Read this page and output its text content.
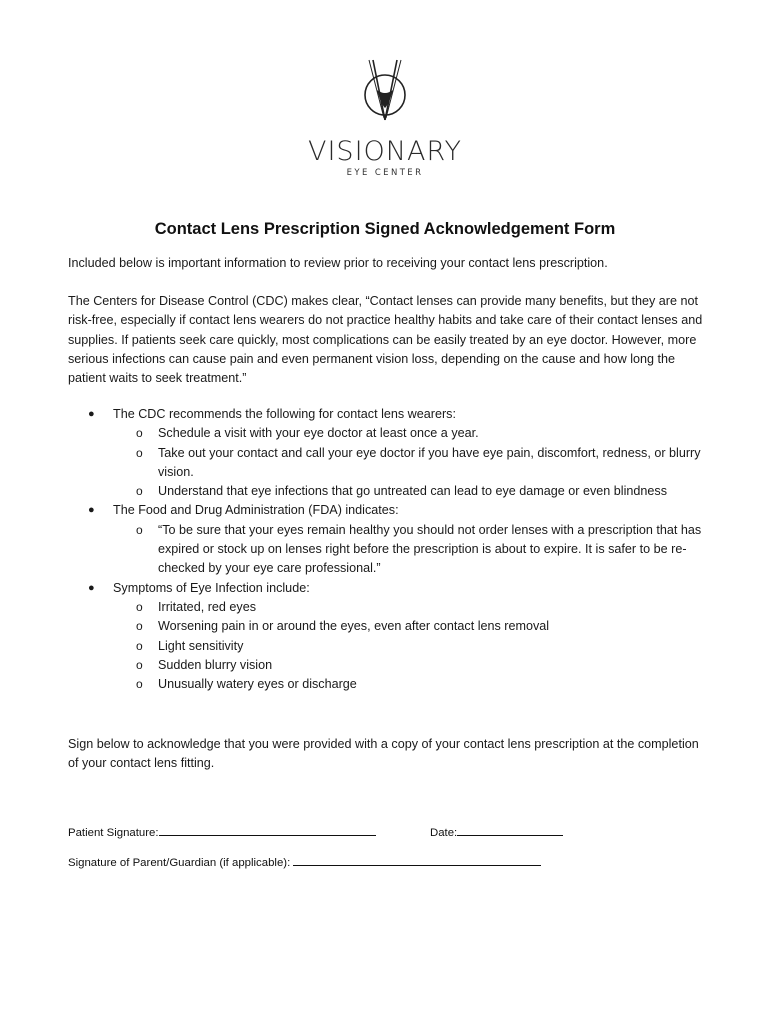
VISIONARY
EYE CENTER
Contact Lens Prescription Signed Acknowledgement Form
Included below is important information to review prior to receiving your contact lens prescription.
The Centers for Disease Control (CDC) makes clear, “Contact lenses can provide many benefits, but they are not risk-free, especially if contact lens wearers do not practice healthy habits and take care of their contact lenses and supplies. If patients seek care quickly, most complications can be easily treated by an eye doctor. However, more serious infections can cause pain and even permanent vision loss, depending on the cause and how long the patient waits to seek treatment.”
● The CDC recommends the following for contact lens wearers:
o Schedule a visit with your eye doctor at least once a year.
o Take out your contact and call your eye doctor if you have eye pain, discomfort, redness, or blurry vision.
o Understand that eye infections that go untreated can lead to eye damage or even blindness
● The Food and Drug Administration (FDA) indicates:
o “To be sure that your eyes remain healthy you should not order lenses with a prescription that has expired or stock up on lenses right before the prescription is about to expire. It is safer to be re-checked by your eye care professional.”
● Symptoms of Eye Infection include:
o Irritated, red eyes
o Worsening pain in or around the eyes, even after contact lens removal
o Light sensitivity
o Sudden blurry vision
o Unusually watery eyes or discharge
Sign below to acknowledge that you were provided with a copy of your contact lens prescription at the completion of your contact lens fitting.
Patient Signature:	Date:
Signature of Parent/Guardian (if applicable):
